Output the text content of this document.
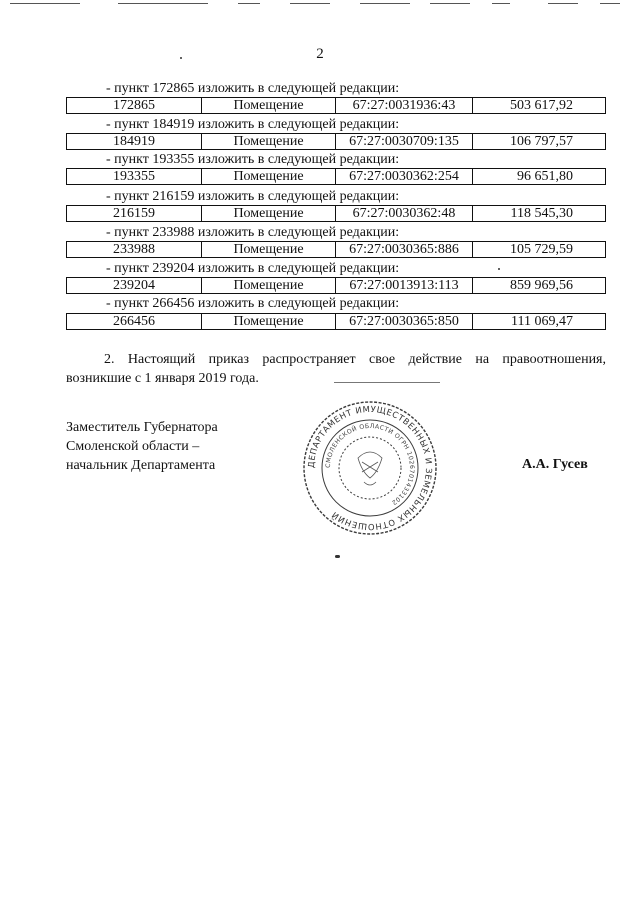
2
- пункт 172865 изложить в следующей редакции:
172865	Помещение	67:27:0031936:43	503 617,92
- пункт 184919 изложить в следующей редакции:
184919	Помещение	67:27:0030709:135	106 797,57
- пункт 193355 изложить в следующей редакции:
193355	Помещение	67:27:0030362:254	96 651,80
- пункт 216159 изложить в следующей редакции:
216159	Помещение	67:27:0030362:48	118 545,30
- пункт 233988 изложить в следующей редакции:
233988	Помещение	67:27:0030365:886	105 729,59
- пункт 239204 изложить в следующей редакции:
239204	Помещение	67:27:0013913:113	859 969,56
- пункт 266456 изложить в следующей редакции:
266456	Помещение	67:27:0030365:850	111 069,47
2. Настоящий приказ распространяет свое действие на правоотношения,
возникшие с 1 января 2019 года.
Заместитель Губернатора
Смоленской области –
начальник Департамента	ДЕПАРТАМЕНТ ИМУЩЕСТВЕННЫХ И ЗЕМЕЛЬНЫХ ОТНОШЕНИЙ
СМОЛЕНСКОЙ ОБЛАСТИ ОГРН 1026701433102
А.А. Гусев
